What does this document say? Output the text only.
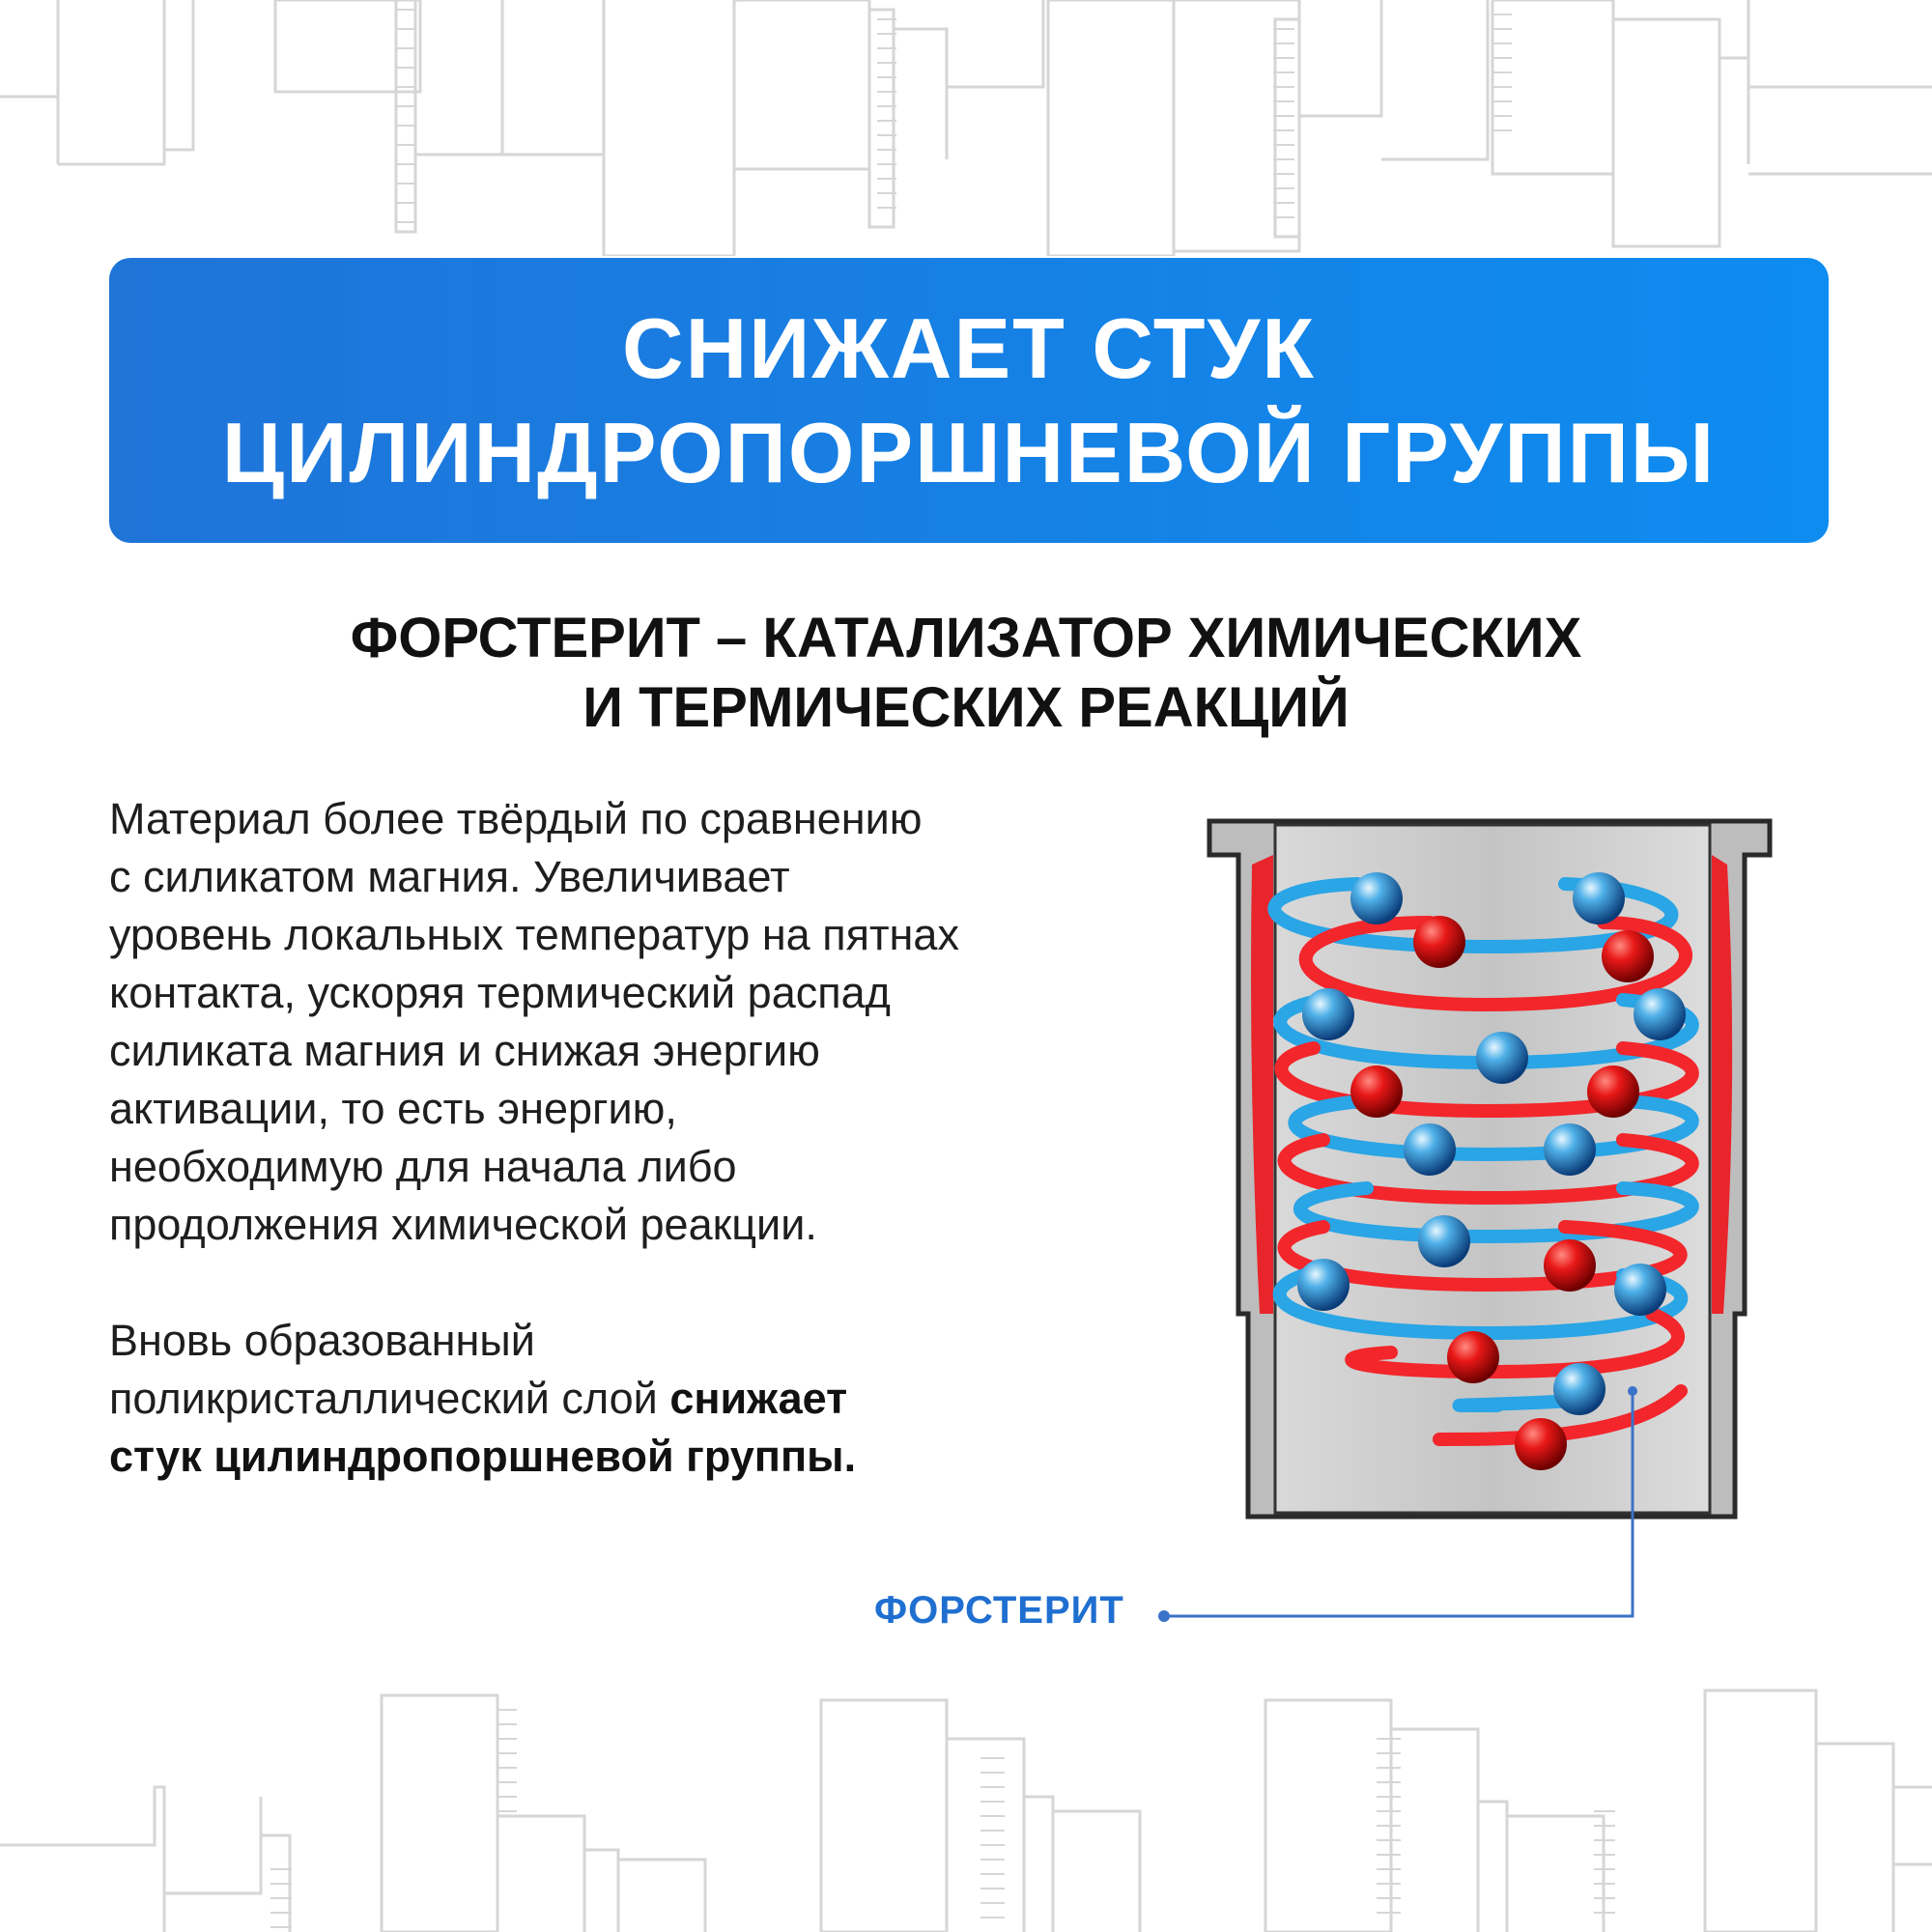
СНИЖАЕТ СТУК
ЦИЛИНДРОПОРШНЕВОЙ ГРУППЫ
ФОРСТЕРИТ – КАТАЛИЗАТОР ХИМИЧЕСКИХ
И ТЕРМИЧЕСКИХ РЕАКЦИЙ
Материал более твёрдый по сравнению
с силикатом магния. Увеличивает
уровень локальных температур на пятнах
контакта, ускоряя термический распад
силиката магния и снижая энергию
активации, то есть энергию,
необходимую для начала либо
продолжения химической реакции.
Вновь образованный
поликристаллический слой снижает
стук цилиндропоршневой группы.
ФОРСТЕРИТ
